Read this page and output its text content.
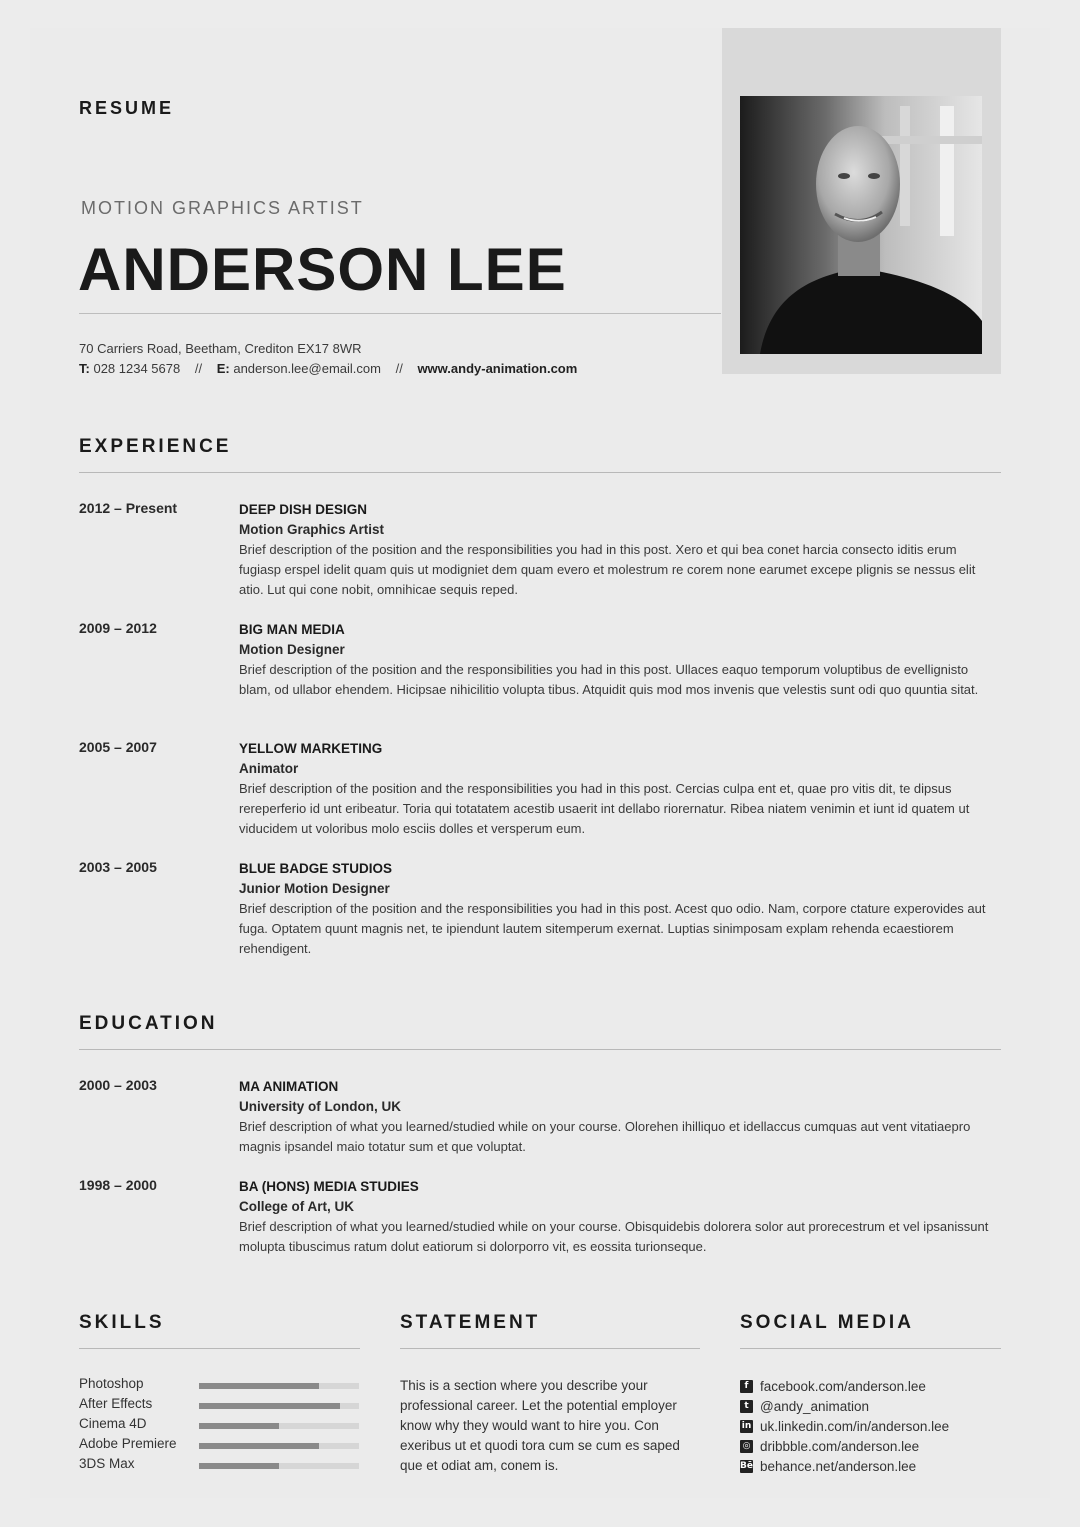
RESUME
MOTION GRAPHICS ARTIST
ANDERSON LEE
70 Carriers Road, Beetham, Crediton EX17 8WR
T: 028 1234 5678 // E: anderson.lee@email.com // www.andy-animation.com
EXPERIENCE
2012 – Present	DEEP DISH DESIGN
Motion Graphics Artist
Brief description of the position and the responsibilities you had in this post. Xero et qui bea conet harcia consecto iditis erum fugiasp erspel idelit quam quis ut modigniet dem quam evero et molestrum re corem none earumet excepe plignis se nessus elit atio. Lut qui cone nobit, omnihicae sequis reped.
2009 – 2012	BIG MAN MEDIA
Motion Designer
Brief description of the position and the responsibilities you had in this post. Ullaces eaquo temporum voluptibus de evellignisto blam, od ullabor ehendem. Hicipsae nihicilitio volupta tibus. Atquidit quis mod mos invenis que velestis sunt odi quo quuntia sitat.
2005 – 2007	YELLOW MARKETING
Animator
Brief description of the position and the responsibilities you had in this post. Cercias culpa ent et, quae pro vitis dit, te dipsus rereperferio id unt eribeatur. Toria qui totatatem acestib usaerit int dellabo riorernatur. Ribea niatem venimin et iunt id quatem ut viducidem ut voloribus molo esciis dolles et versperum eum.
2003 – 2005	BLUE BADGE STUDIOS
Junior Motion Designer
Brief description of the position and the responsibilities you had in this post. Acest quo odio. Nam, corpore ctature experovides aut fuga. Optatem quunt magnis net, te ipiendunt lautem sitemperum exernat. Luptias sinimposam explam rehenda ecaestiorem rehendigent.
EDUCATION
2000 – 2003	MA ANIMATION
University of London, UK
Brief description of what you learned/studied while on your course. Olorehen ihilliquo et idellaccus cumquas aut vent vitatiaepro magnis ipsandel maio totatur sum et que voluptat.
1998 – 2000	BA (HONS) MEDIA STUDIES
College of Art, UK
Brief description of what you learned/studied while on your course. Obisquidebis dolorera solor aut prorecestrum et vel ipsanissunt molupta tibuscimus ratum dolut eatiorum si dolorporro vit, es eossita turionseque.
SKILLS
Photoshop
After Effects
Cinema 4D
Adobe Premiere
3DS Max
STATEMENT
This is a section where you describe your professional career. Let the potential employer know why they would want to hire you. Con exeribus ut et quodi tora cum se cum es saped que et odiat am, conem is.
SOCIAL MEDIA
f facebook.com/anderson.lee
t @andy_animation
in uk.linkedin.com/in/anderson.lee
◎ dribbble.com/anderson.lee
Bē behance.net/anderson.lee
